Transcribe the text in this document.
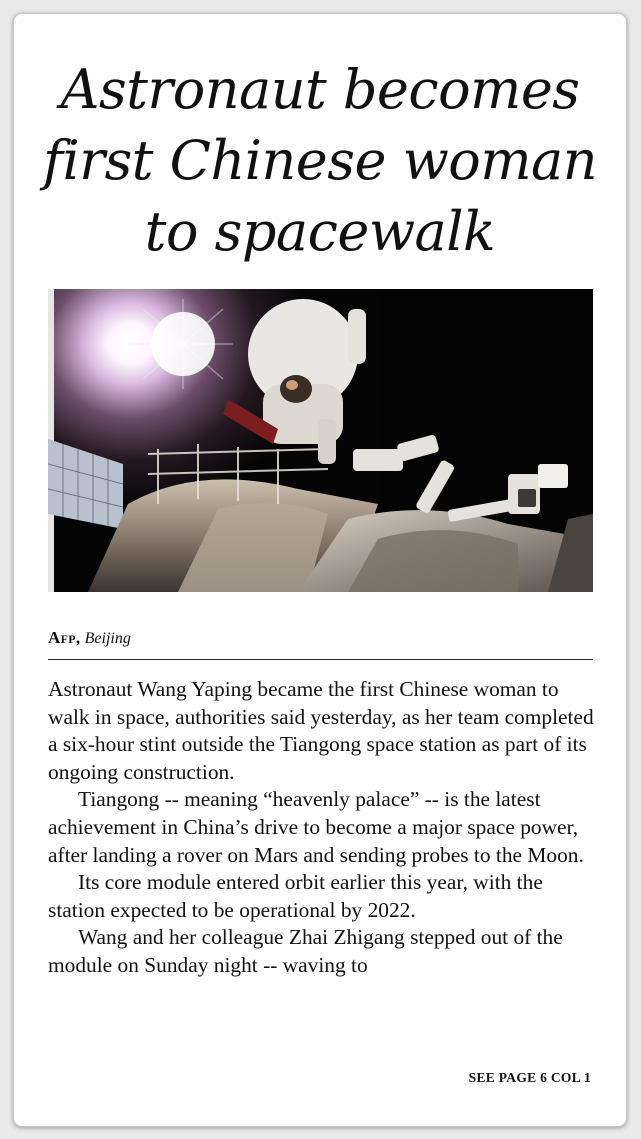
Astronaut becomes
first Chinese woman
to spacewalk
Afp, Beijing

Astronaut Wang Yaping became the first Chinese woman to walk in space, authorities said yesterday, as her team completed a six-hour stint outside the Tiangong space station as part of its ongoing construction.

Tiangong -- meaning “heavenly palace” -- is the latest achievement in China’s drive to become a major space power, after landing a rover on Mars and sending probes to the Moon.

Its core module entered orbit earlier this year, with the station expected to be operational by 2022.

Wang and her colleague Zhai Zhigang stepped out of the module on Sunday night -- waving to

SEE PAGE 6 COL 1
